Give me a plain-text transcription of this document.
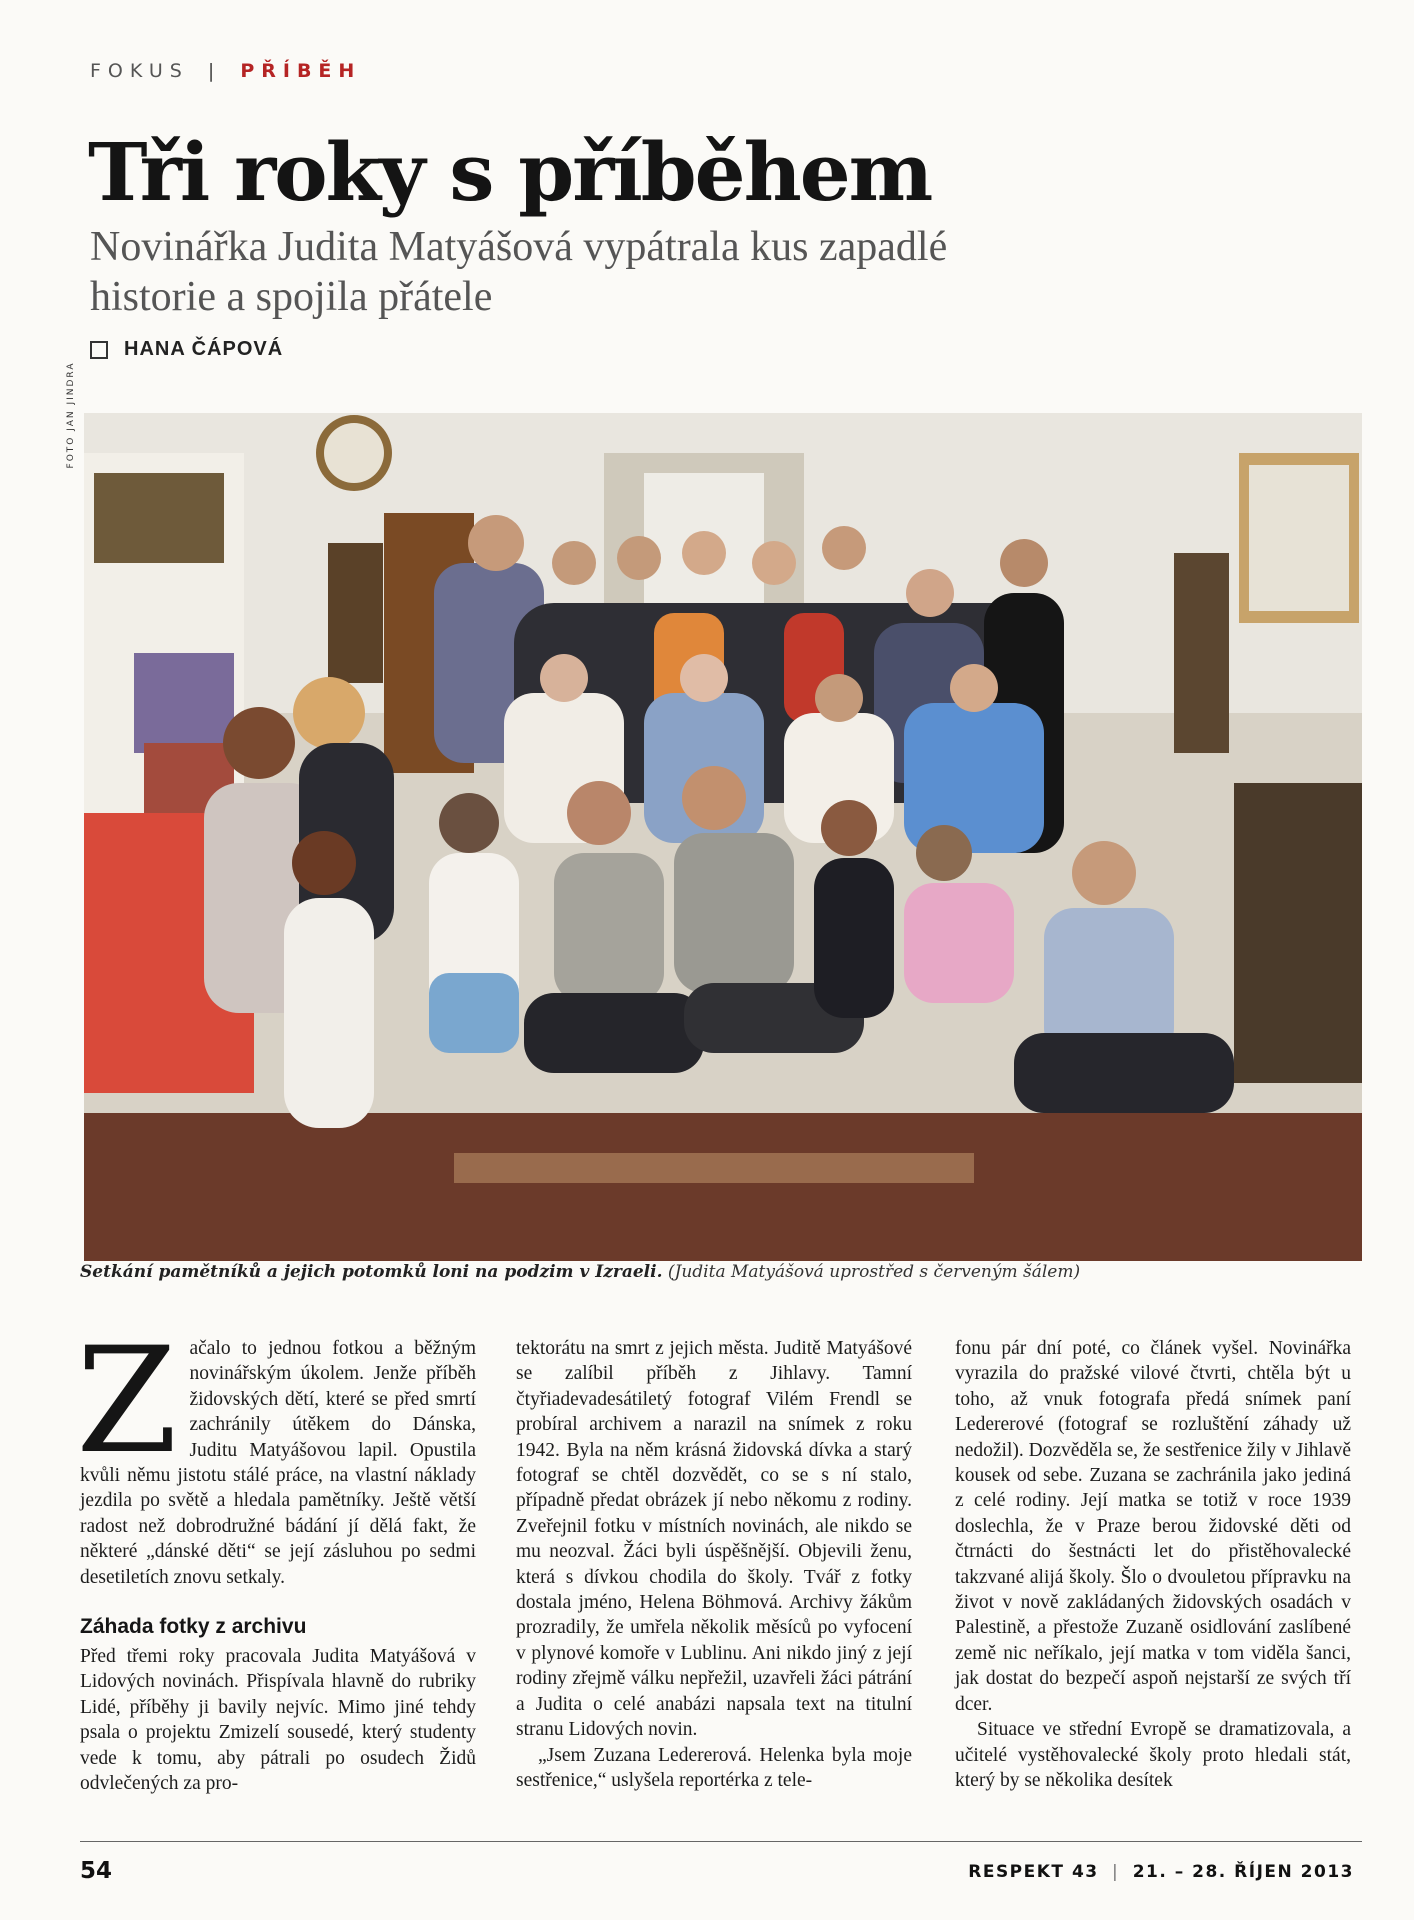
FOKUS | PŘÍBĚH
Tři roky s příběhem
Novinářka Judita Matyášová vypátrala kus zapadlé historie a spojila přátele
HANA ČÁPOVÁ
FOTO JAN JINDRA
Setkání pamětníků a jejich potomků loni na podzim v Izraeli. (Judita Matyášová uprostřed s červeným šálem)
Z ačalo to jednou fotkou a běžným novinářským úkolem. Jenže příběh židovských dětí, které se před smrtí zachránily útěkem do Dánska, Juditu Matyášovou lapil. Opustila kvůli němu jistotu stálé práce, na vlastní náklady jezdila po světě a hledala pamětníky. Ještě větší radost než dobrodružné bádání jí dělá fakt, že některé „dánské děti“ se její zásluhou po sedmi desetiletích znovu setkaly.

Záhada fotky z archivu

Před třemi roky pracovala Judita Matyášová v Lidových novinách. Přispívala hlavně do rubriky Lidé, příběhy ji bavily nejvíc. Mimo jiné tehdy psala o projektu Zmizelí sousedé, který studenty vede k tomu, aby pátrali po osudech Židů odvlečených za pro-

tektorátu na smrt z jejich města. Juditě Matyášové se zalíbil příběh z Jihlavy. Tamní čtyřiadevadesátiletý fotograf Vilém Frendl se probíral archivem a narazil na snímek z roku 1942. Byla na něm krásná židovská dívka a starý fotograf se chtěl dozvědět, co se s ní stalo, případně předat obrázek jí nebo někomu z rodiny. Zveřejnil fotku v místních novinách, ale nikdo se mu neozval. Žáci byli úspěšnější. Objevili ženu, která s dívkou chodila do školy. Tvář z fotky dostala jméno, Helena Böhmová. Archivy žákům prozradily, že umřela několik měsíců po vyfocení v plynové komoře v Lublinu. Ani nikdo jiný z její rodiny zřejmě válku nepřežil, uzavřeli žáci pátrání a Judita o celé anabázi napsala text na titulní stranu Lidových novin.

„Jsem Zuzana Ledererová. Helenka byla moje sestřenice,“ uslyšela reportérka z tele-

fonu pár dní poté, co článek vyšel. Novinářka vyrazila do pražské vilové čtvrti, chtěla být u toho, až vnuk fotografa předá snímek paní Ledererové (fotograf se rozluštění záhady už nedožil). Dozvěděla se, že sestřenice žily v Jihlavě kousek od sebe. Zuzana se zachránila jako jediná z celé rodiny. Její matka se totiž v roce 1939 doslechla, že v Praze berou židovské děti od čtrnácti do šestnácti let do přistěhovalecké takzvané alijá školy. Šlo o dvouletou přípravku na život v nově zakládaných židovských osadách v Palestině, a přestože Zuzaně osidlování zaslíbené země nic neříkalo, její matka v tom viděla šanci, jak dostat do bezpečí aspoň nejstarší ze svých tří dcer.

Situace ve střední Evropě se dramatizovala, a učitelé vystěhovalecké školy proto hledali stát, který by se několika desítek

54	RESPEKT 43 | 21. – 28. ŘÍJEN 2013
